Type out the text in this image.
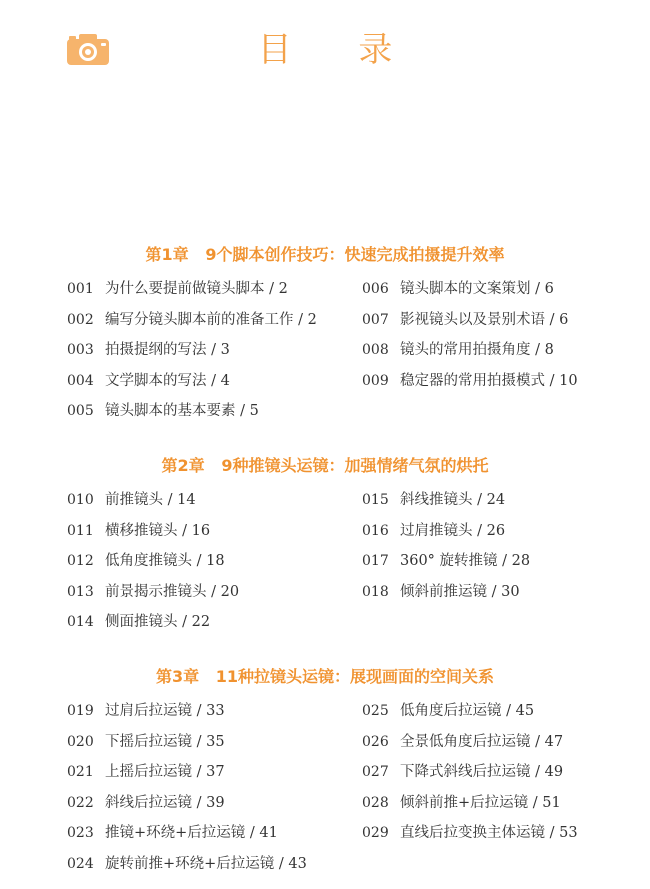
目 录
第1章   9个脚本创作技巧：快速完成拍摄提升效率
001 为什么要提前做镜头脚本 / 2
002 编写分镜头脚本前的准备工作 / 2
003 拍摄提纲的写法 / 3
004 文学脚本的写法 / 4
005 镜头脚本的基本要素 / 5
006 镜头脚本的文案策划 / 6
007 影视镜头以及景别术语 / 6
008 镜头的常用拍摄角度 / 8
009 稳定器的常用拍摄模式 / 10
第2章   9种推镜头运镜：加强情绪气氛的烘托
010 前推镜头 / 14
011 横移推镜头 / 16
012 低角度推镜头 / 18
013 前景揭示推镜头 / 20
014 侧面推镜头 / 22
015 斜线推镜头 / 24
016 过肩推镜头 / 26
017 360° 旋转推镜 / 28
018 倾斜前推运镜 / 30
第3章   11种拉镜头运镜：展现画面的空间关系
019 过肩后拉运镜 / 33
020 下摇后拉运镜 / 35
021 上摇后拉运镜 / 37
022 斜线后拉运镜 / 39
023 推镜+环绕+后拉运镜 / 41
024 旋转前推+环绕+后拉运镜 / 43
025 低角度后拉运镜 / 45
026 全景低角度后拉运镜 / 47
027 下降式斜线后拉运镜 / 49
028 倾斜前推+后拉运镜 / 51
029 直线后拉变换主体运镜 / 53
